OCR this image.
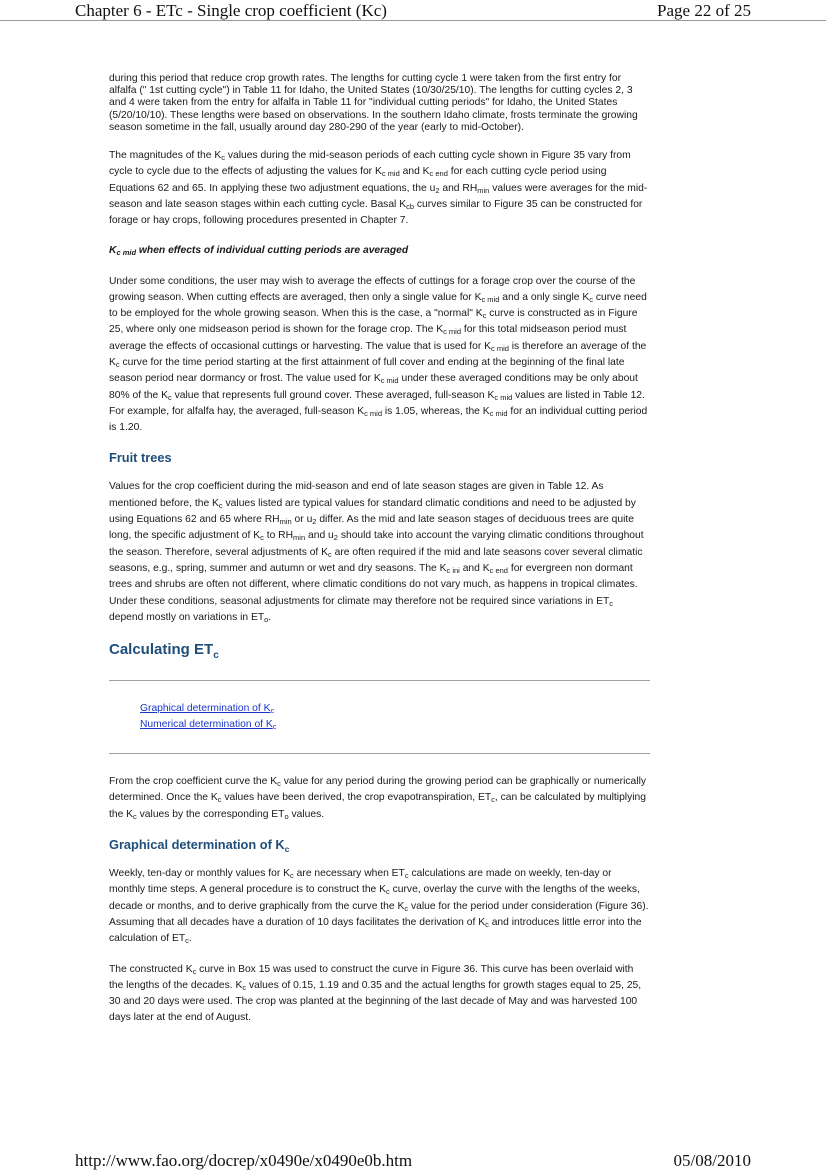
Chapter 6 - ETc - Single crop coefficient (Kc)	Page 22 of 25

during this period that reduce crop growth rates. The lengths for cutting cycle 1 were taken from the first entry for alfalfa (" 1st cutting cycle") in Table 11 for Idaho, the United States (10/30/25/10). The lengths for cutting cycles 2, 3 and 4 were taken from the entry for alfalfa in Table 11 for "individual cutting periods" for Idaho, the United States (5/20/10/10). These lengths were based on observations. In the southern Idaho climate, frosts terminate the growing season sometime in the fall, usually around day 280-290 of the year (early to mid-October).

The magnitudes of the $K_c$ values during the mid-season periods of each cutting cycle shown in Figure 35 vary from cycle to cycle due to the effects of adjusting the values for $K_{c mid}$ and $K_{c end}$ for each cutting cycle period using Equations 62 and 65. In applying these two adjustment equations, the $u_2$ and $RH_{min}$ values were averages for the mid-season and late season stages within each cutting cycle. Basal $K_{cb}$ curves similar to Figure 35 can be constructed for forage or hay crops, following procedures presented in Chapter 7.

$K_{c mid}$ when effects of individual cutting periods are averaged

Under some conditions, the user may wish to average the effects of cuttings for a forage crop over the course of the growing season. When cutting effects are averaged, then only a single value for $K_{c mid}$ and a only single $K_c$ curve need to be employed for the whole growing season. When this is the case, a "normal" $K_c$ curve is constructed as in Figure 25, where only one midseason period is shown for the forage crop. The $K_{c mid}$ for this total midseason period must average the effects of occasional cuttings or harvesting. The value that is used for $K_{c mid}$ is therefore an average of the $K_c$ curve for the time period starting at the first attainment of full cover and ending at the beginning of the final late season period near dormancy or frost. The value used for $K_{c mid}$ under these averaged conditions may be only about 80% of the $K_c$ value that represents full ground cover. These averaged, full-season $K_{c mid}$ values are listed in Table 12. For example, for alfalfa hay, the averaged, full-season $K_{c mid}$ is 1.05, whereas, the $K_{c mid}$ for an individual cutting period is 1.20.

Fruit trees

Values for the crop coefficient during the mid-season and end of late season stages are given in Table 12. As mentioned before, the $K_c$ values listed are typical values for standard climatic conditions and need to be adjusted by using Equations 62 and 65 where $RH_{min}$ or $u_2$ differ. As the mid and late season stages of deciduous trees are quite long, the specific adjustment of $K_c$ to $RH_{min}$ and $u_2$ should take into account the varying climatic conditions throughout the season. Therefore, several adjustments of $K_c$ are often required if the mid and late seasons cover several climatic seasons, e.g., spring, summer and autumn or wet and dry seasons. The $K_{c ini}$ and $K_{c end}$ for evergreen non dormant trees and shrubs are often not different, where climatic conditions do not vary much, as happens in tropical climates. Under these conditions, seasonal adjustments for climate may therefore not be required since variations in $ET_c$ depend mostly on variations in $ET_o$.

Calculating $ET_c$
Graphical determination of $K_c$
Numerical determination of $K_c$

From the crop coefficient curve the $K_c$ value for any period during the growing period can be graphically or numerically determined. Once the $K_c$ values have been derived, the crop evapotranspiration, $ET_c$, can be calculated by multiplying the $K_c$ values by the corresponding $ET_o$ values.

Graphical determination of $K_c$

Weekly, ten-day or monthly values for $K_c$ are necessary when $ET_c$ calculations are made on weekly, ten-day or monthly time steps. A general procedure is to construct the $K_c$ curve, overlay the curve with the lengths of the weeks, decade or months, and to derive graphically from the curve the $K_c$ value for the period under consideration (Figure 36). Assuming that all decades have a duration of 10 days facilitates the derivation of $K_c$ and introduces little error into the calculation of $ET_c$.

The constructed $K_c$ curve in Box 15 was used to construct the curve in Figure 36. This curve has been overlaid with the lengths of the decades. $K_c$ values of 0.15, 1.19 and 0.35 and the actual lengths for growth stages equal to 25, 25, 30 and 20 days were used. The crop was planted at the beginning of the last decade of May and was harvested 100 days later at the end of August.

http://www.fao.org/docrep/x0490e/x0490e0b.htm	05/08/2010
